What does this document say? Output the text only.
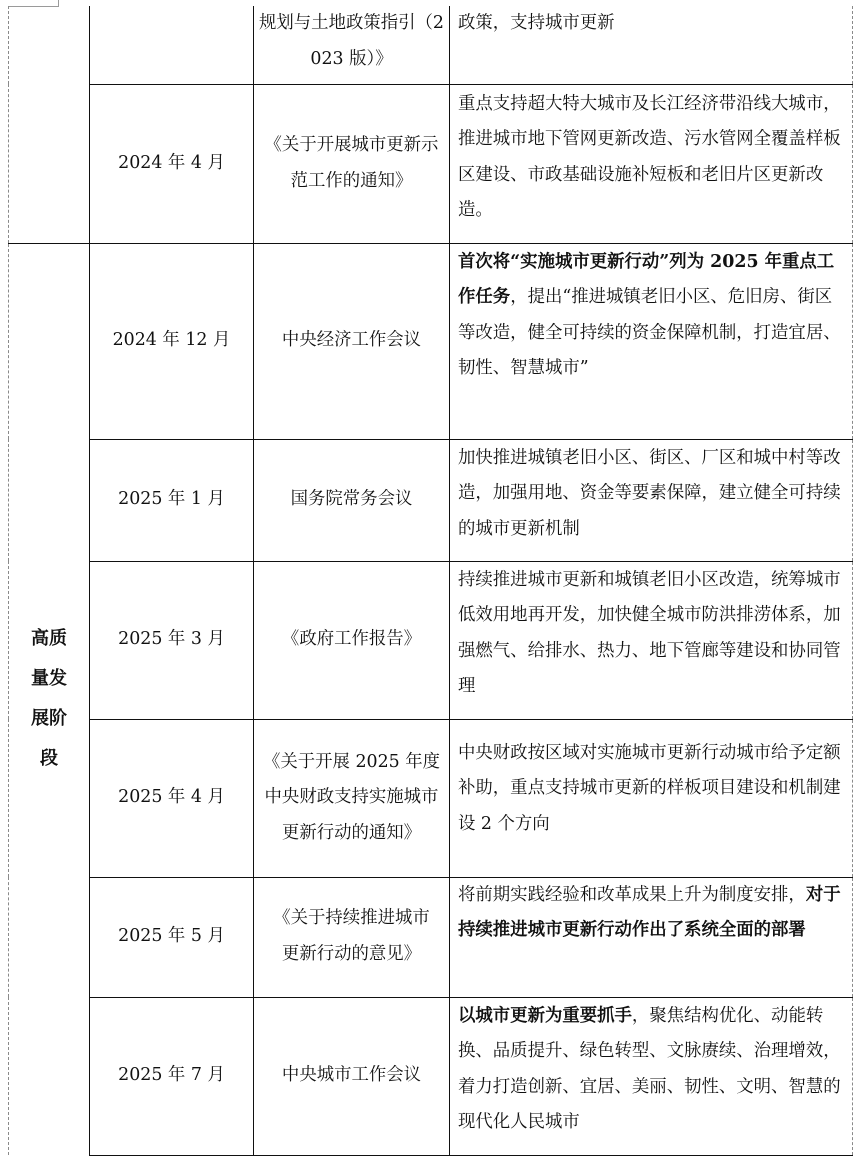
		规划与土地政策指引（2023 版）》	政策，支持城市更新
	2024 年 4 月	《关于开展城市更新示范工作的通知》	重点支持超大特大城市及长江经济带沿线大城市，推进城市地下管网更新改造、污水管网全覆盖样板区建设、市政基础设施补短板和老旧片区更新改造。
高质量发展阶段	2024 年 12 月	中央经济工作会议	首次将“实施城市更新行动”列为 2025 年重点工作任务，提出“推进城镇老旧小区、危旧房、街区等改造，健全可持续的资金保障机制，打造宜居、韧性、智慧城市”
	2025 年 1 月	国务院常务会议	加快推进城镇老旧小区、街区、厂区和城中村等改造，加强用地、资金等要素保障，建立健全可持续的城市更新机制
	2025 年 3 月	《政府工作报告》	持续推进城市更新和城镇老旧小区改造，统筹城市低效用地再开发，加快健全城市防洪排涝体系，加强燃气、给排水、热力、地下管廊等建设和协同管理
	2025 年 4 月	《关于开展 2025 年度中央财政支持实施城市更新行动的通知》	中央财政按区域对实施城市更新行动城市给予定额补助，重点支持城市更新的样板项目建设和机制建设 2 个方向
	2025 年 5 月	《关于持续推进城市更新行动的意见》	将前期实践经验和改革成果上升为制度安排，对于持续推进城市更新行动作出了系统全面的部署
	2025 年 7 月	中央城市工作会议	以城市更新为重要抓手，聚焦结构优化、动能转换、品质提升、绿色转型、文脉赓续、治理增效，着力打造创新、宜居、美丽、韧性、文明、智慧的现代化人民城市
